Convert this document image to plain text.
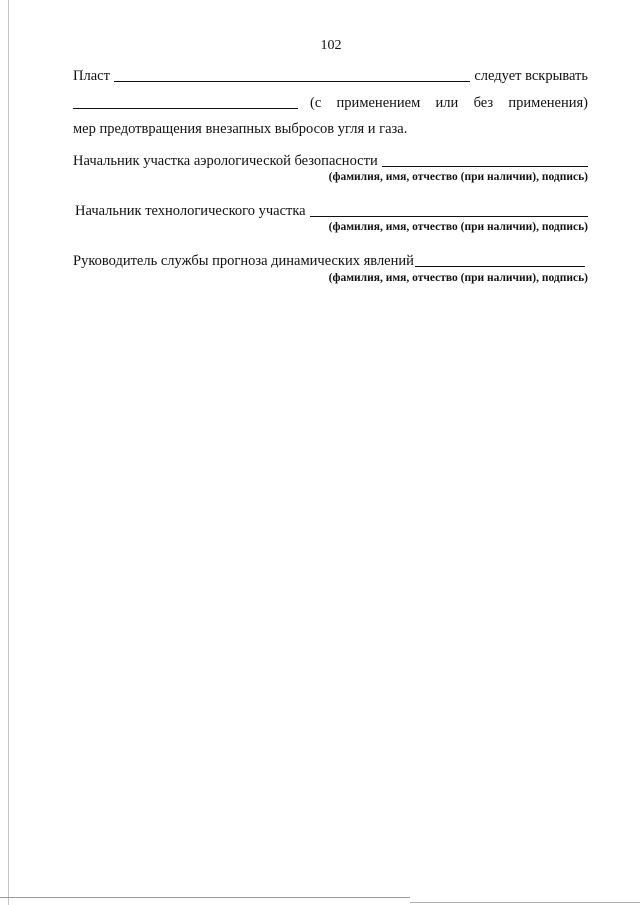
102
Пласт	следует вскрывать
(с применением или без применения)
мер предотвращения внезапных выбросов угля и газа.
Начальник участка аэрологической безопасности
(фамилия, имя, отчество (при наличии), подпись)
Начальник технологического участка
(фамилия, имя, отчество (при наличии), подпись)
Руководитель службы прогноза динамических явлений
(фамилия, имя, отчество (при наличии), подпись)
